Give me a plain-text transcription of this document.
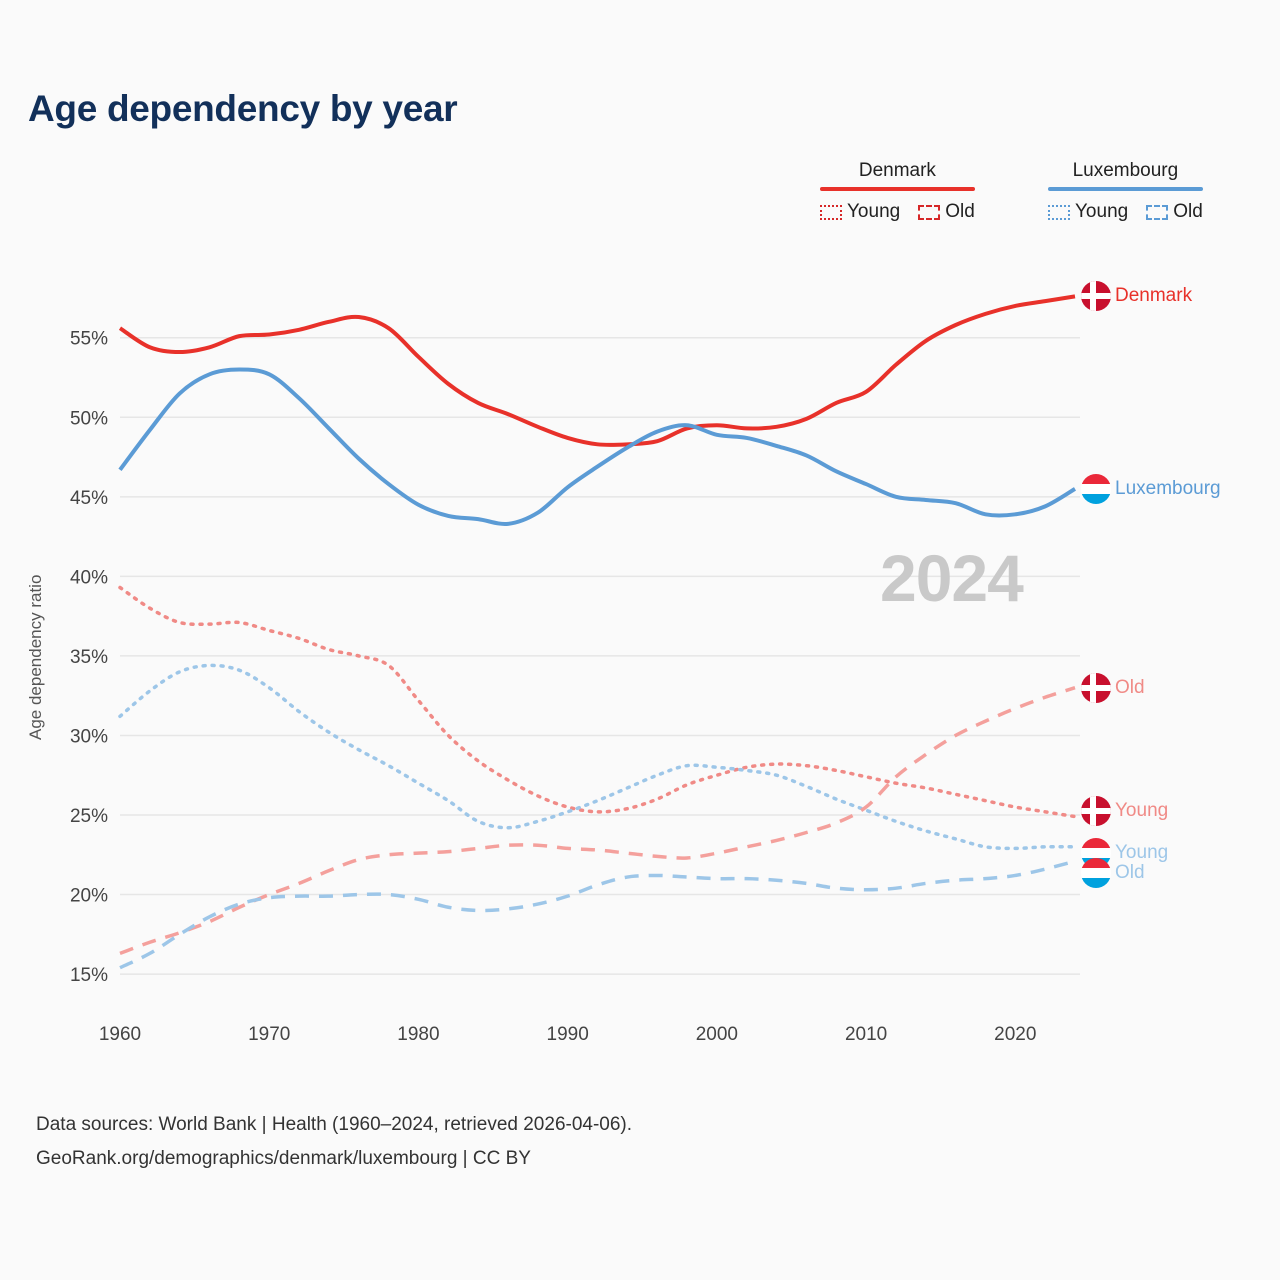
Age dependency by year
Denmark
Young Old
Luxembourg
Young Old
Age dependency ratio	2024
15%
20%
25%
30%
35%
40%
45%
50%
55%
1960	1970	1980	1990	2000	2010	2020
Denmark
Luxembourg
Old
Young
Young
Old
Data sources: World Bank | Health (1960–2024, retrieved 2026-04-06).
GeoRank.org/demographics/denmark/luxembourg | CC BY
